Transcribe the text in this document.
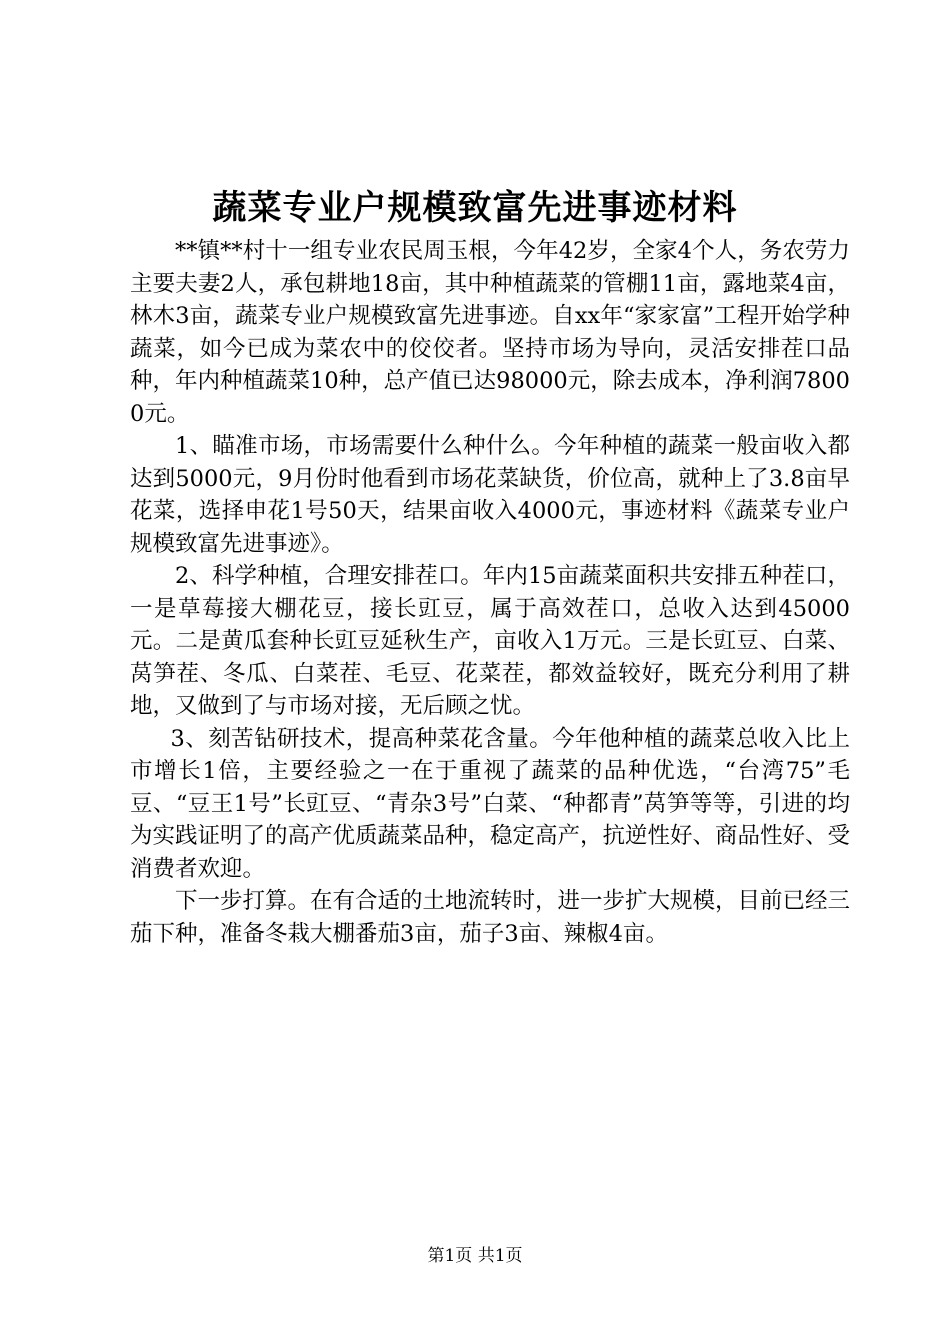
蔬菜专业户规模致富先进事迹材料

**镇**村十一组专业农民周玉根，今年42岁，全家4个人，务农劳力主要夫妻2人，承包耕地18亩，其中种植蔬菜的管棚11亩，露地菜4亩，林木3亩，蔬菜专业户规模致富先进事迹。自xx年“家家富”工程开始学种蔬菜，如今已成为菜农中的佼佼者。坚持市场为导向，灵活安排茬口品种，年内种植蔬菜10种，总产值已达98000元，除去成本，净利润78000元。

1、瞄准市场，市场需要什么种什么。今年种植的蔬菜一般亩收入都达到5000元，9月份时他看到市场花菜缺货，价位高，就种上了3.8亩早花菜，选择申花1号50天，结果亩收入4000元，事迹材料《蔬菜专业户规模致富先进事迹》。

2、科学种植，合理安排茬口。年内15亩蔬菜面积共安排五种茬口，一是草莓接大棚花豆，接长豇豆，属于高效茬口，总收入达到45000元。二是黄瓜套种长豇豆延秋生产，亩收入1万元。三是长豇豆、白菜、莴笋茬、冬瓜、白菜茬、毛豆、花菜茬，都效益较好，既充分利用了耕地，又做到了与市场对接，无后顾之忧。

3、刻苦钻研技术，提高种菜花含量。今年他种植的蔬菜总收入比上市增长1倍，主要经验之一在于重视了蔬菜的品种优选，“台湾75”毛豆、“豆王1号”长豇豆、“青杂3号”白菜、“种都青”莴笋等等，引进的均为实践证明了的高产优质蔬菜品种，稳定高产，抗逆性好、商品性好、受消费者欢迎。

下一步打算。在有合适的土地流转时，进一步扩大规模，目前已经三茄下种，准备冬栽大棚番茄3亩，茄子3亩、辣椒4亩。

第1页 共1页
